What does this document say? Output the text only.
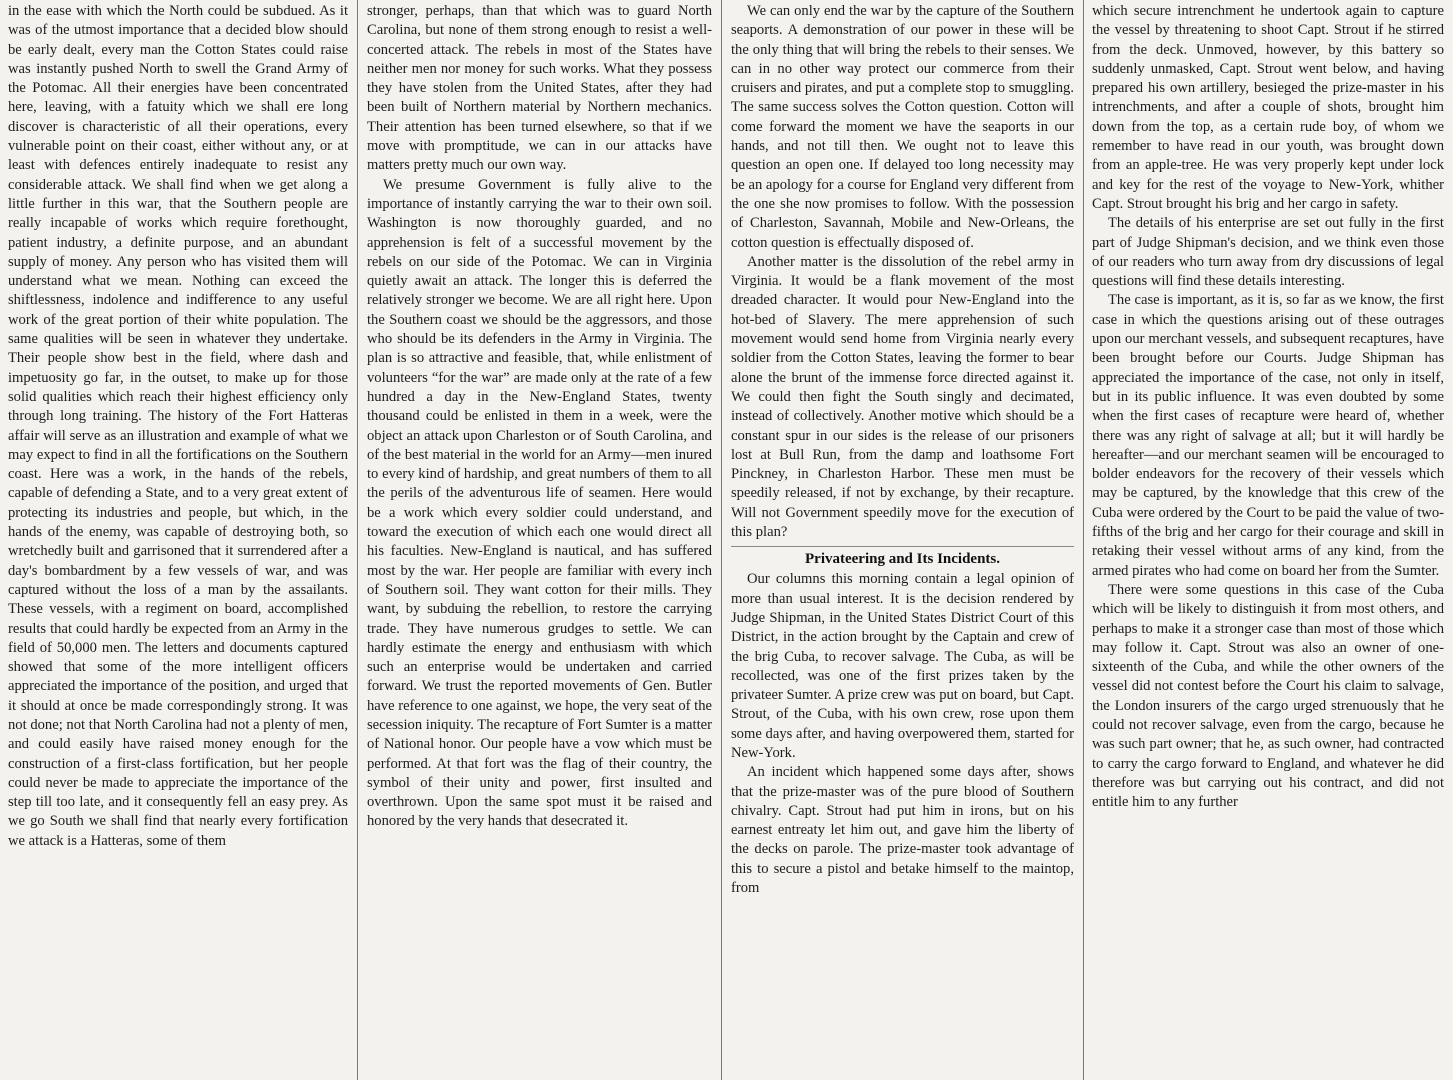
in the ease with which the North could be subdued. As it was of the utmost importance that a decided blow should be early dealt, every man the Cotton States could raise was instantly pushed North to swell the Grand Army of the Potomac. All their energies have been concentrated here, leaving, with a fatuity which we shall ere long discover is characteristic of all their operations, every vulnerable point on their coast, either without any, or at least with defences entirely inadequate to resist any considerable attack. We shall find when we get along a little further in this war, that the Southern people are really incapable of works which require forethought, patient industry, a definite purpose, and an abundant supply of money. Any person who has visited them will understand what we mean. Nothing can exceed the shiftlessness, indolence and indifference to any useful work of the great portion of their white population. The same qualities will be seen in whatever they undertake. Their people show best in the field, where dash and impetuosity go far, in the outset, to make up for those solid qualities which reach their highest efficiency only through long training. The history of the Fort Hatteras affair will serve as an illustration and example of what we may expect to find in all the fortifications on the Southern coast. Here was a work, in the hands of the rebels, capable of defending a State, and to a very great extent of protecting its industries and people, but which, in the hands of the enemy, was capable of destroying both, so wretchedly built and garrisoned that it surrendered after a day's bombardment by a few vessels of war, and was captured without the loss of a man by the assailants. These vessels, with a regiment on board, accomplished results that could hardly be expected from an Army in the field of 50,000 men. The letters and documents captured showed that some of the more intelligent officers appreciated the importance of the position, and urged that it should at once be made correspondingly strong. It was not done; not that North Carolina had not a plenty of men, and could easily have raised money enough for the construction of a first-class fortification, but her people could never be made to appreciate the importance of the step till too late, and it consequently fell an easy prey. As we go South we shall find that nearly every fortification we attack is a Hatteras, some of them

stronger, perhaps, than that which was to guard North Carolina, but none of them strong enough to resist a well-concerted attack. The rebels in most of the States have neither men nor money for such works. What they possess they have stolen from the United States, after they had been built of Northern material by Northern mechanics. Their attention has been turned elsewhere, so that if we move with promptitude, we can in our attacks have matters pretty much our own way.

We presume Government is fully alive to the importance of instantly carrying the war to their own soil. Washington is now thoroughly guarded, and no apprehension is felt of a successful movement by the rebels on our side of the Potomac. We can in Virginia quietly await an attack. The longer this is deferred the relatively stronger we become. We are all right here. Upon the Southern coast we should be the aggressors, and those who should be its defenders in the Army in Virginia. The plan is so attractive and feasible, that, while enlistment of volunteers “for the war” are made only at the rate of a few hundred a day in the New-England States, twenty thousand could be enlisted in them in a week, were the object an attack upon Charleston or of South Carolina, and of the best material in the world for an Army—men inured to every kind of hardship, and great numbers of them to all the perils of the adventurous life of seamen. Here would be a work which every soldier could understand, and toward the execution of which each one would direct all his faculties. New-England is nautical, and has suffered most by the war. Her people are familiar with every inch of Southern soil. They want cotton for their mills. They want, by subduing the rebellion, to restore the carrying trade. They have numerous grudges to settle. We can hardly estimate the energy and enthusiasm with which such an enterprise would be undertaken and carried forward. We trust the reported movements of Gen. Butler have reference to one against, we hope, the very seat of the secession iniquity. The recapture of Fort Sumter is a matter of National honor. Our people have a vow which must be performed. At that fort was the flag of their country, the symbol of their unity and power, first insulted and overthrown. Upon the same spot must it be raised and honored by the very hands that desecrated it.

We can only end the war by the capture of the Southern seaports. A demonstration of our power in these will be the only thing that will bring the rebels to their senses. We can in no other way protect our commerce from their cruisers and pirates, and put a complete stop to smuggling. The same success solves the Cotton question. Cotton will come forward the moment we have the seaports in our hands, and not till then. We ought not to leave this question an open one. If delayed too long necessity may be an apology for a course for England very different from the one she now promises to follow. With the possession of Charleston, Savannah, Mobile and New-Orleans, the cotton question is effectually disposed of.

Another matter is the dissolution of the rebel army in Virginia. It would be a flank movement of the most dreaded character. It would pour New-England into the hot-bed of Slavery. The mere apprehension of such movement would send home from Virginia nearly every soldier from the Cotton States, leaving the former to bear alone the brunt of the immense force directed against it. We could then fight the South singly and decimated, instead of collectively. Another motive which should be a constant spur in our sides is the release of our prisoners lost at Bull Run, from the damp and loathsome Fort Pinckney, in Charleston Harbor. These men must be speedily released, if not by exchange, by their recapture. Will not Government speedily move for the execution of this plan?

Privateering and Its Incidents.

Our columns this morning contain a legal opinion of more than usual interest. It is the decision rendered by Judge Shipman, in the United States District Court of this District, in the action brought by the Captain and crew of the brig Cuba, to recover salvage. The Cuba, as will be recollected, was one of the first prizes taken by the privateer Sumter. A prize crew was put on board, but Capt. Strout, of the Cuba, with his own crew, rose upon them some days after, and having overpowered them, started for New-York.

An incident which happened some days after, shows that the prize-master was of the pure blood of Southern chivalry. Capt. Strout had put him in irons, but on his earnest entreaty let him out, and gave him the liberty of the decks on parole. The prize-master took advantage of this to secure a pistol and betake himself to the maintop, from

which secure intrenchment he undertook again to capture the vessel by threatening to shoot Capt. Strout if he stirred from the deck. Unmoved, however, by this battery so suddenly unmasked, Capt. Strout went below, and having prepared his own artillery, besieged the prize-master in his intrenchments, and after a couple of shots, brought him down from the top, as a certain rude boy, of whom we remember to have read in our youth, was brought down from an apple-tree. He was very properly kept under lock and key for the rest of the voyage to New-York, whither Capt. Strout brought his brig and her cargo in safety.

The details of his enterprise are set out fully in the first part of Judge Shipman's decision, and we think even those of our readers who turn away from dry discussions of legal questions will find these details interesting.

The case is important, as it is, so far as we know, the first case in which the questions arising out of these outrages upon our merchant vessels, and subsequent recaptures, have been brought before our Courts. Judge Shipman has appreciated the importance of the case, not only in itself, but in its public influence. It was even doubted by some when the first cases of recapture were heard of, whether there was any right of salvage at all; but it will hardly be hereafter—and our merchant seamen will be encouraged to bolder endeavors for the recovery of their vessels which may be captured, by the knowledge that this crew of the Cuba were ordered by the Court to be paid the value of two-fifths of the brig and her cargo for their courage and skill in retaking their vessel without arms of any kind, from the armed pirates who had come on board her from the Sumter.

There were some questions in this case of the Cuba which will be likely to distinguish it from most others, and perhaps to make it a stronger case than most of those which may follow it. Capt. Strout was also an owner of one-sixteenth of the Cuba, and while the other owners of the vessel did not contest before the Court his claim to salvage, the London insurers of the cargo urged strenuously that he could not recover salvage, even from the cargo, because he was such part owner; that he, as such owner, had contracted to carry the cargo forward to England, and whatever he did therefore was but carrying out his contract, and did not entitle him to any further
